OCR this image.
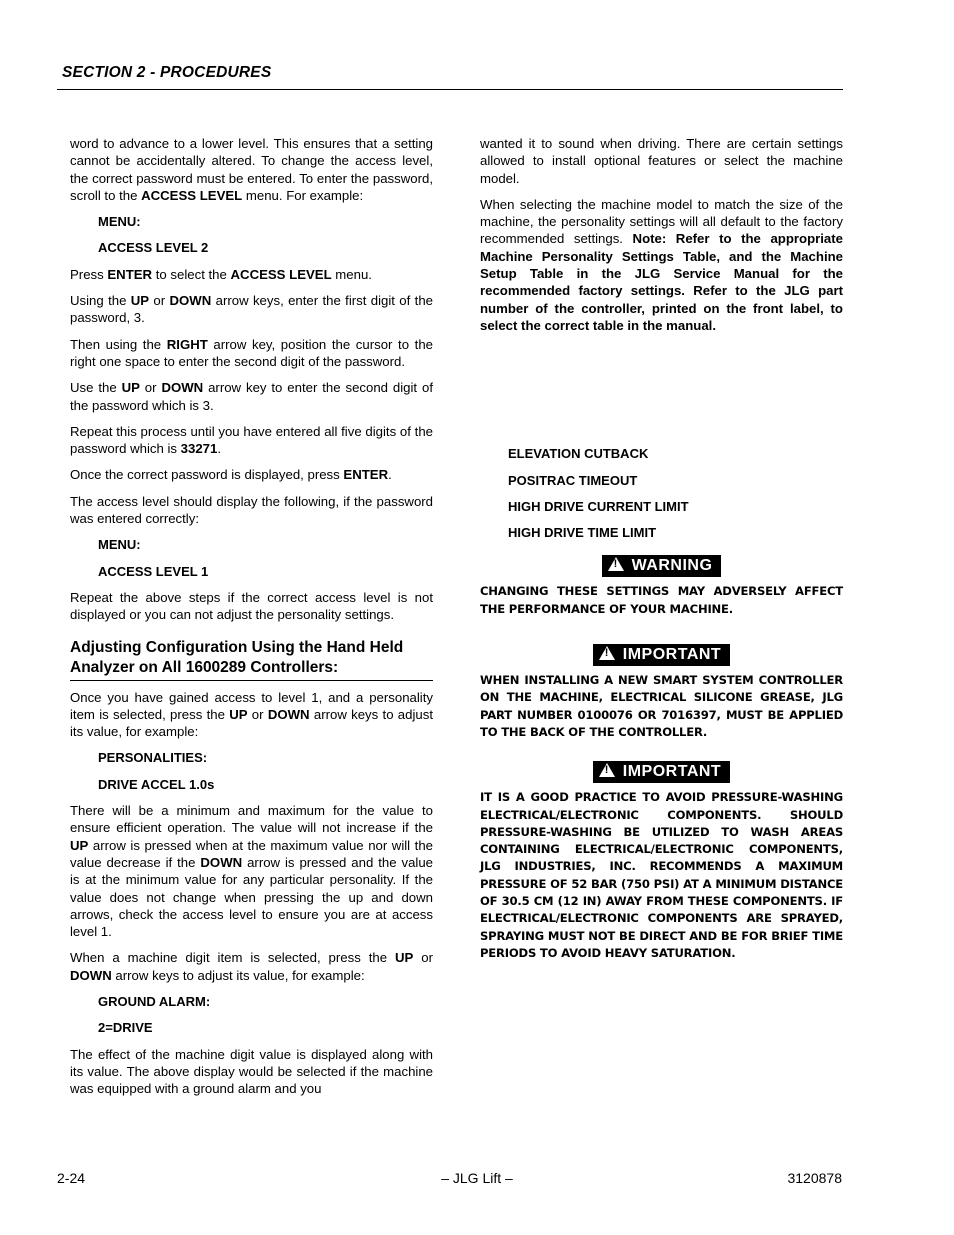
SECTION 2 - PROCEDURES

word to advance to a lower level. This ensures that a setting cannot be accidentally altered. To change the access level, the correct password must be entered. To enter the password, scroll to the ACCESS LEVEL menu. For example:

MENU:

ACCESS LEVEL 2

Press ENTER to select the ACCESS LEVEL menu.

Using the UP or DOWN arrow keys, enter the first digit of the password, 3.

Then using the RIGHT arrow key, position the cursor to the right one space to enter the second digit of the password.

Use the UP or DOWN arrow key to enter the second digit of the password which is 3.

Repeat this process until you have entered all five digits of the password which is 33271.

Once the correct password is displayed, press ENTER.

The access level should display the following, if the password was entered correctly:

MENU:

ACCESS LEVEL 1

Repeat the above steps if the correct access level is not displayed or you can not adjust the personality settings.

Adjusting Configuration Using the Hand Held Analyzer on All 1600289 Controllers:

Once you have gained access to level 1, and a personality item is selected, press the UP or DOWN arrow keys to adjust its value, for example:

PERSONALITIES:

DRIVE ACCEL 1.0s

There will be a minimum and maximum for the value to ensure efficient operation. The value will not increase if the UP arrow is pressed when at the maximum value nor will the value decrease if the DOWN arrow is pressed and the value is at the minimum value for any particular personality. If the value does not change when pressing the up and down arrows, check the access level to ensure you are at access level 1.

When a machine digit item is selected, press the UP or DOWN arrow keys to adjust its value, for example:

GROUND ALARM:

2=DRIVE

The effect of the machine digit value is displayed along with its value. The above display would be selected if the machine was equipped with a ground alarm and you

wanted it to sound when driving. There are certain settings allowed to install optional features or select the machine model.

When selecting the machine model to match the size of the machine, the personality settings will all default to the factory recommended settings. Note: Refer to the appropriate Machine Personality Settings Table, and the Machine Setup Table in the JLG Service Manual for the recommended factory settings. Refer to the JLG part number of the controller, printed on the front label, to select the correct table in the manual.

ELEVATION CUTBACK

POSITRAC TIMEOUT

HIGH DRIVE CURRENT LIMIT

HIGH DRIVE TIME LIMIT

!WARNING

CHANGING THESE SETTINGS MAY ADVERSELY AFFECT THE PERFORMANCE OF YOUR MACHINE.

!IMPORTANT

WHEN INSTALLING A NEW SMART SYSTEM CONTROLLER ON THE MACHINE, ELECTRICAL SILICONE GREASE, JLG PART NUMBER 0100076 OR 7016397, MUST BE APPLIED TO THE BACK OF THE CONTROLLER.

!IMPORTANT

IT IS A GOOD PRACTICE TO AVOID PRESSURE-WASHING ELECTRICAL/ELECTRONIC COMPONENTS. SHOULD PRESSURE-WASHING BE UTILIZED TO WASH AREAS CONTAINING ELECTRICAL/ELECTRONIC COMPONENTS, JLG INDUSTRIES, INC. RECOMMENDS A MAXIMUM PRESSURE OF 52 BAR (750 PSI) AT A MINIMUM DISTANCE OF 30.5 CM (12 IN) AWAY FROM THESE COMPONENTS. IF ELECTRICAL/ELECTRONIC COMPONENTS ARE SPRAYED, SPRAYING MUST NOT BE DIRECT AND BE FOR BRIEF TIME PERIODS TO AVOID HEAVY SATURATION.

2-24	– JLG Lift –	3120878
